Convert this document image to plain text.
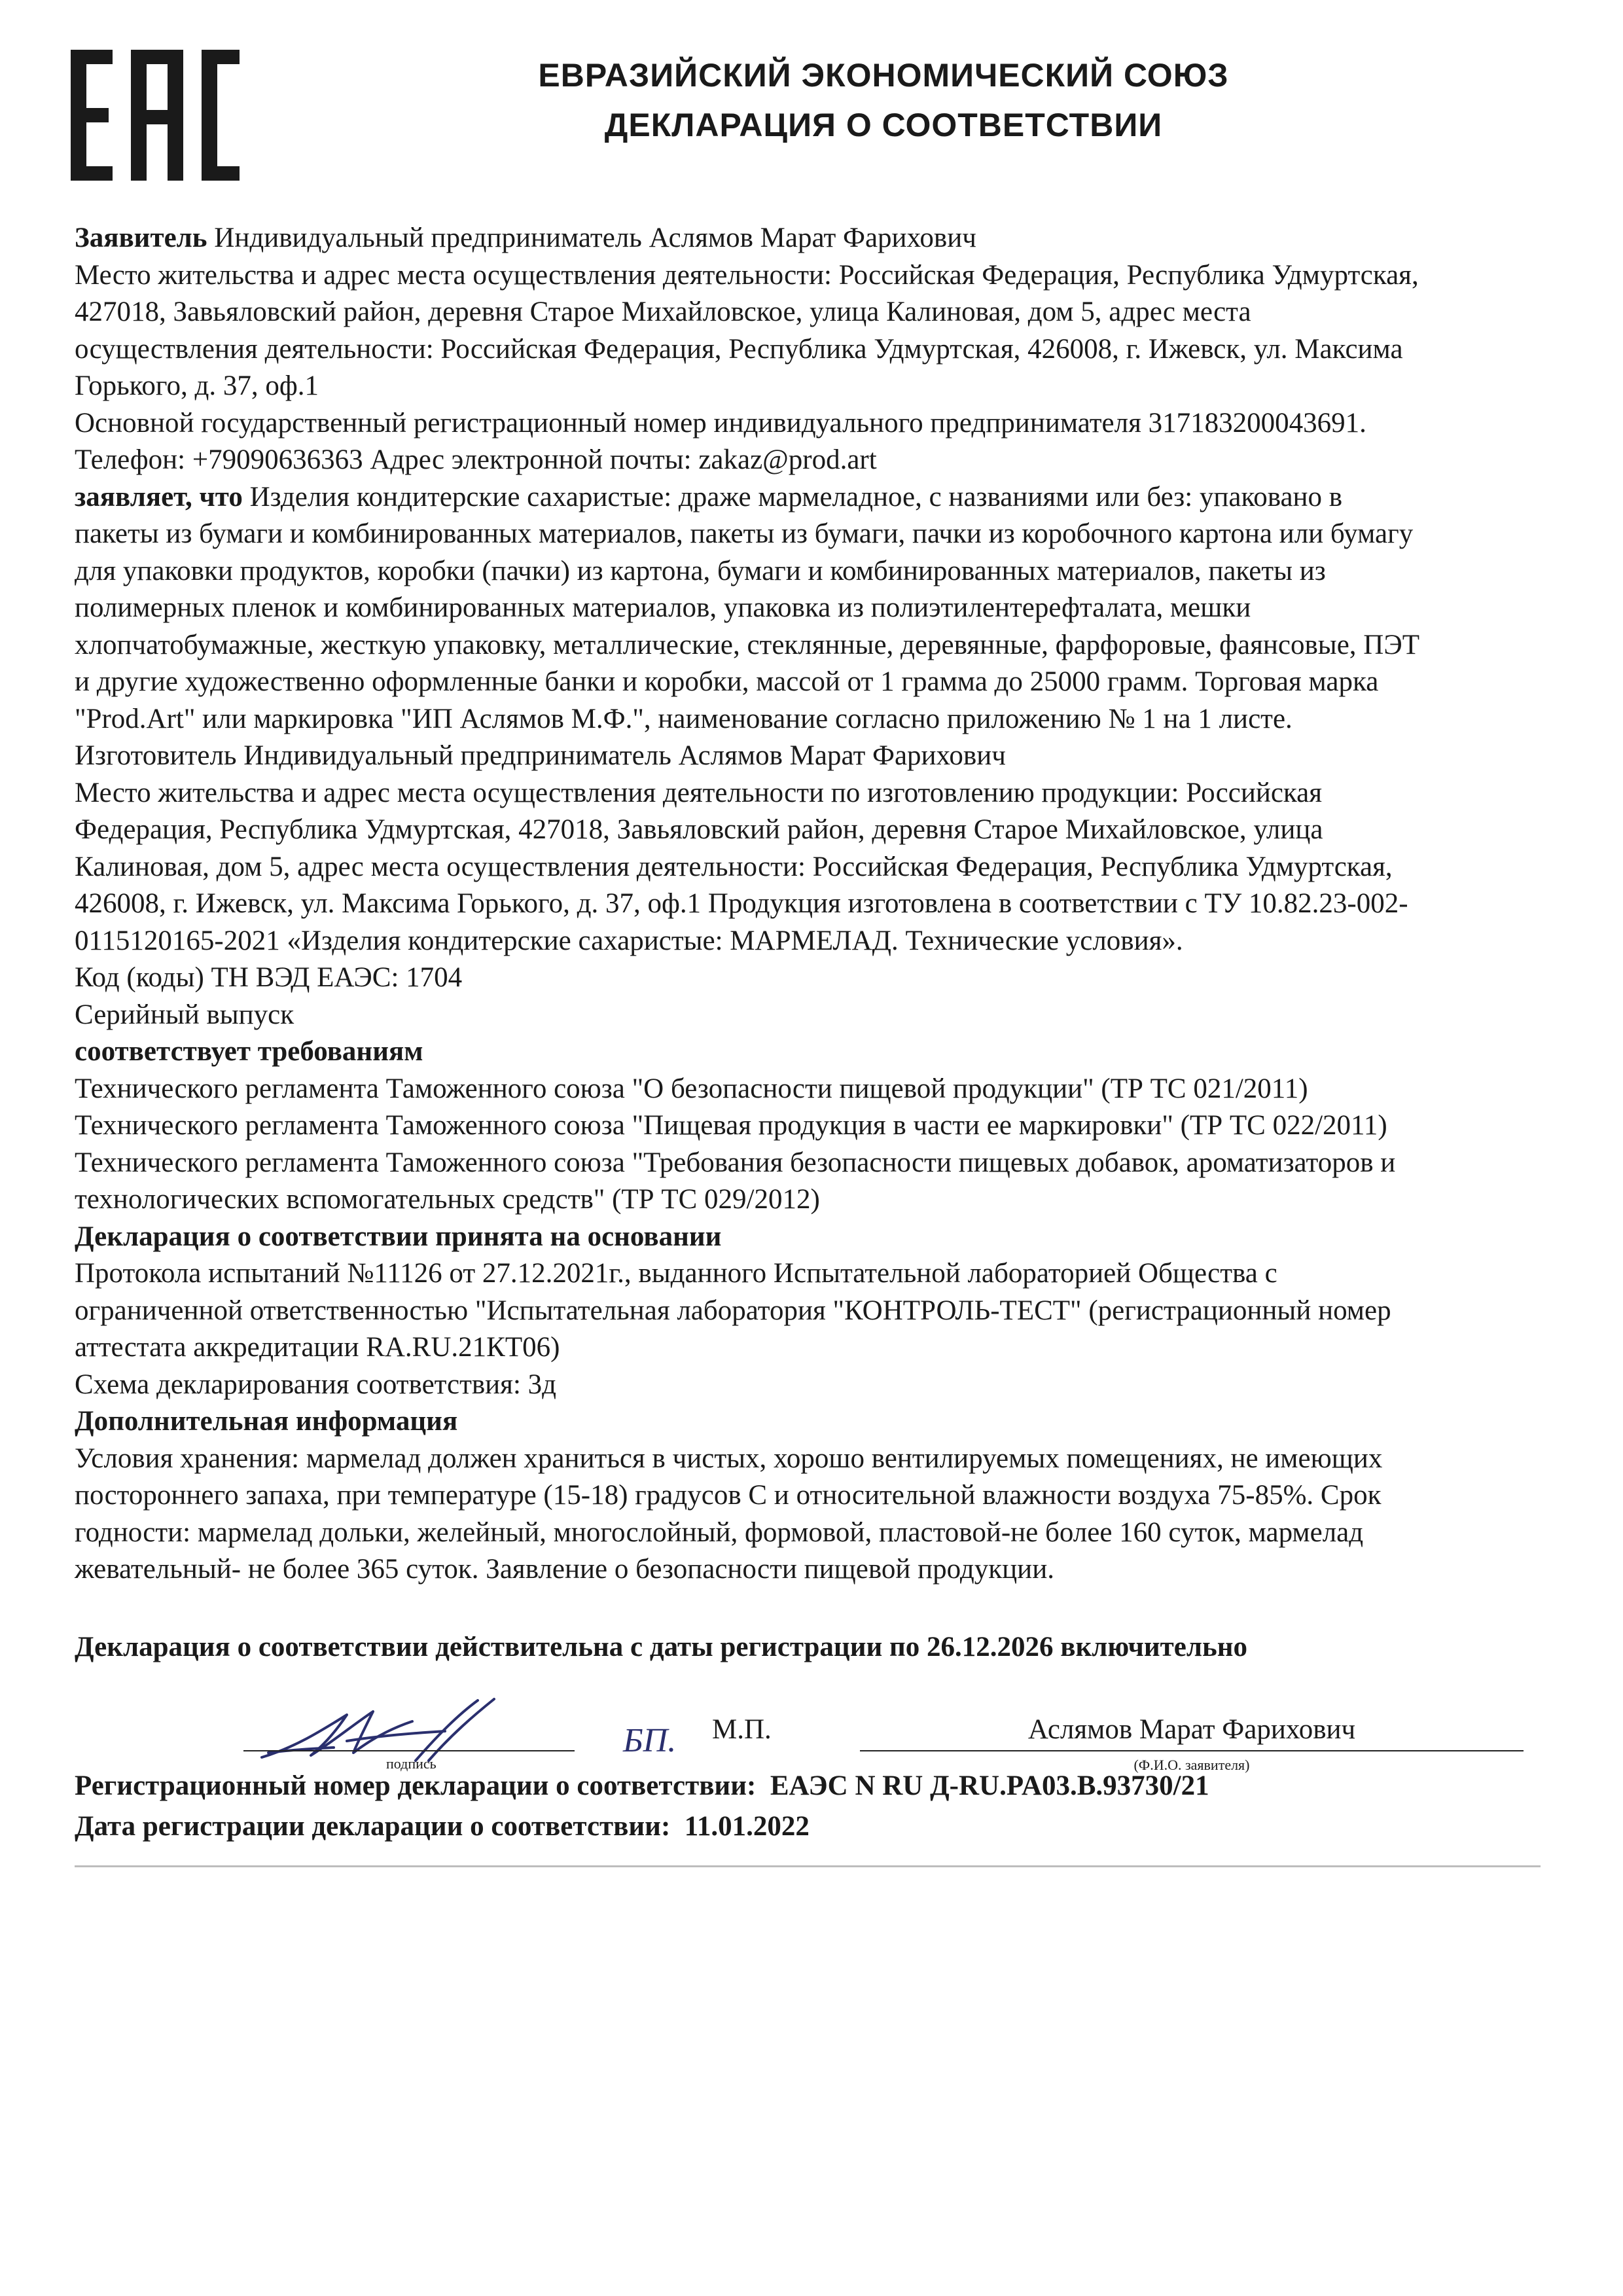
ЕВРАЗИЙСКИЙ ЭКОНОМИЧЕСКИЙ СОЮЗ
ДЕКЛАРАЦИЯ О СООТВЕТСТВИИ

Заявитель Индивидуальный предприниматель Аслямов Марат Фарихович

Место жительства и адрес места осуществления деятельности: Российская Федерация, Республика Удмуртская,

427018, Завьяловский район, деревня Старое Михайловское, улица Калиновая, дом 5, адрес места

осуществления деятельности: Российская Федерация, Республика Удмуртская, 426008, г. Ижевск, ул. Максима

Горького, д. 37, оф.1

Основной государственный регистрационный номер индивидуального предпринимателя 317183200043691.

Телефон: +79090636363 Адрес электронной почты: zakaz@prod.art

заявляет, что Изделия кондитерские сахаристые: драже мармеладное, с названиями или без: упаковано в

пакеты из бумаги и комбинированных материалов, пакеты из бумаги, пачки из коробочного картона или бумагу

для упаковки продуктов, коробки (пачки) из картона, бумаги и комбинированных материалов, пакеты из

полимерных пленок и комбинированных материалов, упаковка из полиэтилентерефталата, мешки

хлопчатобумажные, жесткую упаковку, металлические, стеклянные, деревянные, фарфоровые, фаянсовые, ПЭТ

и другие художественно оформленные банки и коробки, массой от 1 грамма до 25000 грамм. Торговая марка

"Prod.Art" или маркировка "ИП Аслямов М.Ф.", наименование согласно приложению № 1 на 1 листе.

Изготовитель Индивидуальный предприниматель Аслямов Марат Фарихович

Место жительства и адрес места осуществления деятельности по изготовлению продукции: Российская

Федерация, Республика Удмуртская, 427018, Завьяловский район, деревня Старое Михайловское, улица

Калиновая, дом 5, адрес места осуществления деятельности: Российская Федерация, Республика Удмуртская,

426008, г. Ижевск, ул. Максима Горького, д. 37, оф.1 Продукция изготовлена в соответствии с ТУ 10.82.23-002-

0115120165-2021 «Изделия кондитерские сахаристые: МАРМЕЛАД. Технические условия».

Код (коды) ТН ВЭД ЕАЭС: 1704

Серийный выпуск

соответствует требованиям

Технического регламента Таможенного союза "О безопасности пищевой продукции" (ТР ТС 021/2011)

Технического регламента Таможенного союза "Пищевая продукция в части ее маркировки" (ТР ТС 022/2011)

Технического регламента Таможенного союза "Требования безопасности пищевых добавок, ароматизаторов и

технологических вспомогательных средств" (ТР ТС 029/2012)

Декларация о соответствии принята на основании

Протокола испытаний №11126 от 27.12.2021г., выданного Испытательной лабораторией Общества с

ограниченной ответственностью "Испытательная лаборатория "КОНТРОЛЬ-ТЕСТ" (регистрационный номер

аттестата аккредитации RA.RU.21КТ06)

Схема декларирования соответствия: 3д

Дополнительная информация

Условия хранения: мармелад должен храниться в чистых, хорошо вентилируемых помещениях, не имеющих

постороннего запаха, при температуре (15-18) градусов С и относительной влажности воздуха 75-85%. Срок

годности: мармелад дольки, желейный, многослойный, формовой, пластовой-не более 160 суток, мармелад

жевательный- не более 365 суток. Заявление о безопасности пищевой продукции.

Декларация о соответствии действительна с даты регистрации по 26.12.2026 включительно
подпись
БП. М.П.	Аслямов Марат Фарихович
(Ф.И.О. заявителя)
Регистрационный номер декларации о соответствии: ЕАЭС N RU Д-RU.PA03.B.93730/21
Дата регистрации декларации о соответствии: 11.01.2022
